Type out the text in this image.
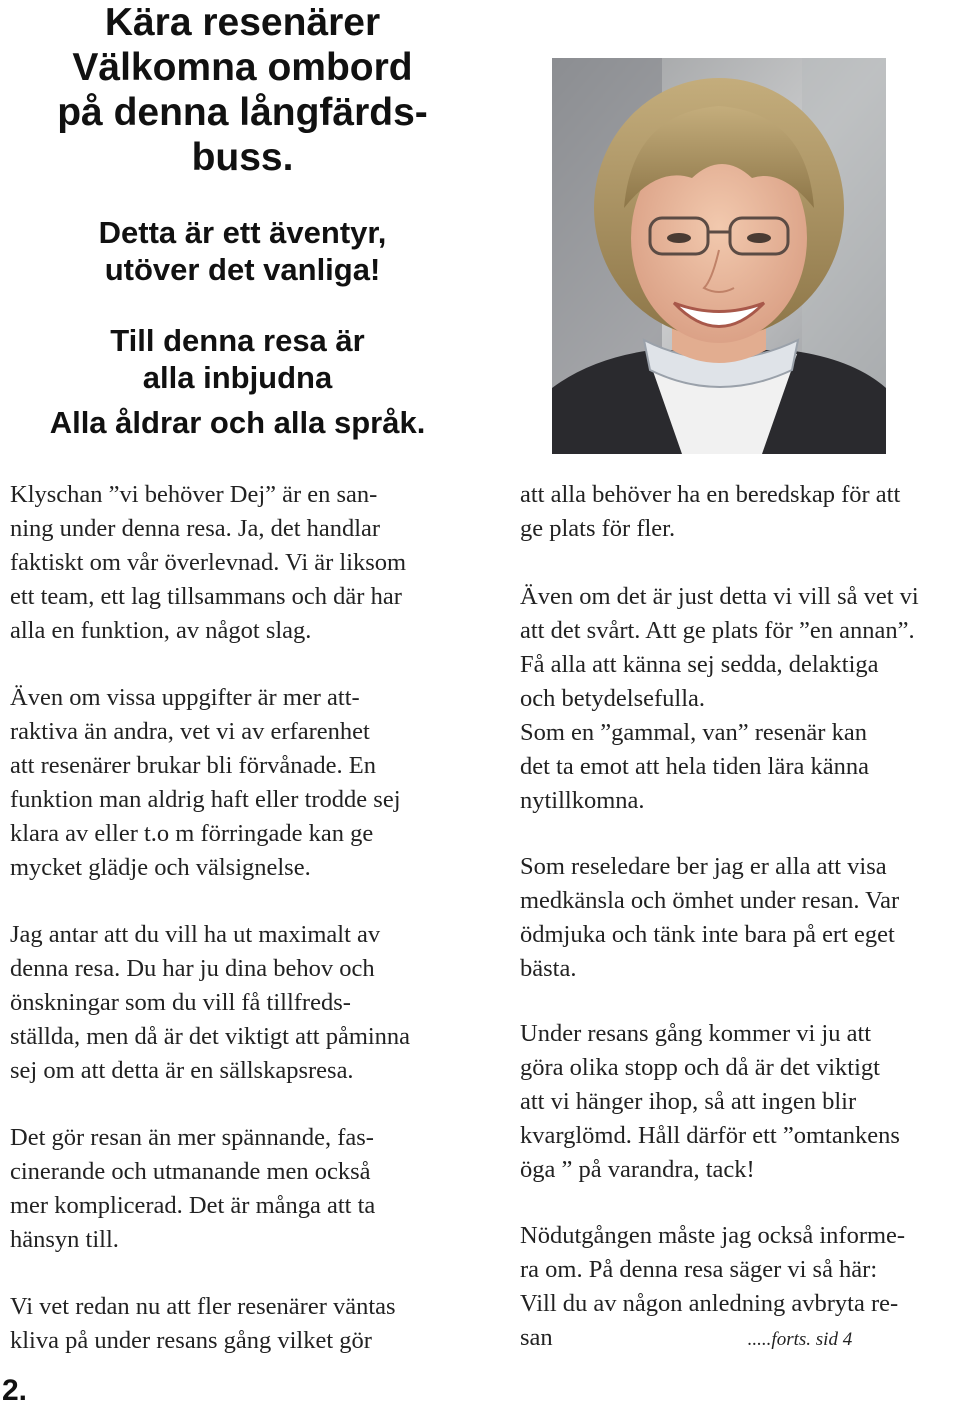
Kära resenärer
Välkomna ombord
på denna långfärds-
buss.
Detta är ett äventyr,
utöver det vanliga!
Till denna resa är
alla inbjudna
Alla åldrar och alla språk.
Klyschan ”vi behöver Dej” är en san-
ning under denna resa. Ja, det handlar
faktiskt om vår överlevnad. Vi är liksom
ett team, ett lag tillsammans och där har
alla en funktion, av något slag.
Även om vissa uppgifter är mer att-
raktiva än andra, vet vi av erfarenhet
att resenärer brukar bli förvånade. En
funktion man aldrig haft eller trodde sej
klara av eller t.o m förringade kan ge
mycket glädje och välsignelse.
Jag antar att du vill ha ut maximalt av
denna resa. Du har ju dina behov och
önskningar som du vill få tillfreds-
ställda, men då är det viktigt att påminna
sej om att detta är en sällskapsresa.
Det gör resan än mer spännande, fas-
cinerande och utmanande men också
mer komplicerad. Det är många att ta
hänsyn till.
Vi vet redan nu att fler resenärer väntas
kliva på under resans gång vilket gör
att alla behöver ha en beredskap för att
ge plats för fler.
Även om det är just detta vi vill så vet vi
att det svårt. Att ge plats för ”en annan”.
Få alla att känna sej sedda, delaktiga
och betydelsefulla.
Som en ”gammal, van” resenär kan
det ta emot att hela tiden lära känna
nytillkomna.
Som reseledare ber jag er alla att visa
medkänsla och ömhet under resan. Var
ödmjuka och tänk inte bara på ert eget
bästa.
Under resans gång kommer vi ju att
göra olika stopp och då är det viktigt
att vi hänger ihop, så att ingen blir
kvarglömd. Håll därför ett ”omtankens
öga ” på varandra, tack!
Nödutgången måste jag också informe-
ra om. På denna resa säger vi så här:
Vill du av någon anledning avbryta re-
san	.....forts. sid 4
2.
